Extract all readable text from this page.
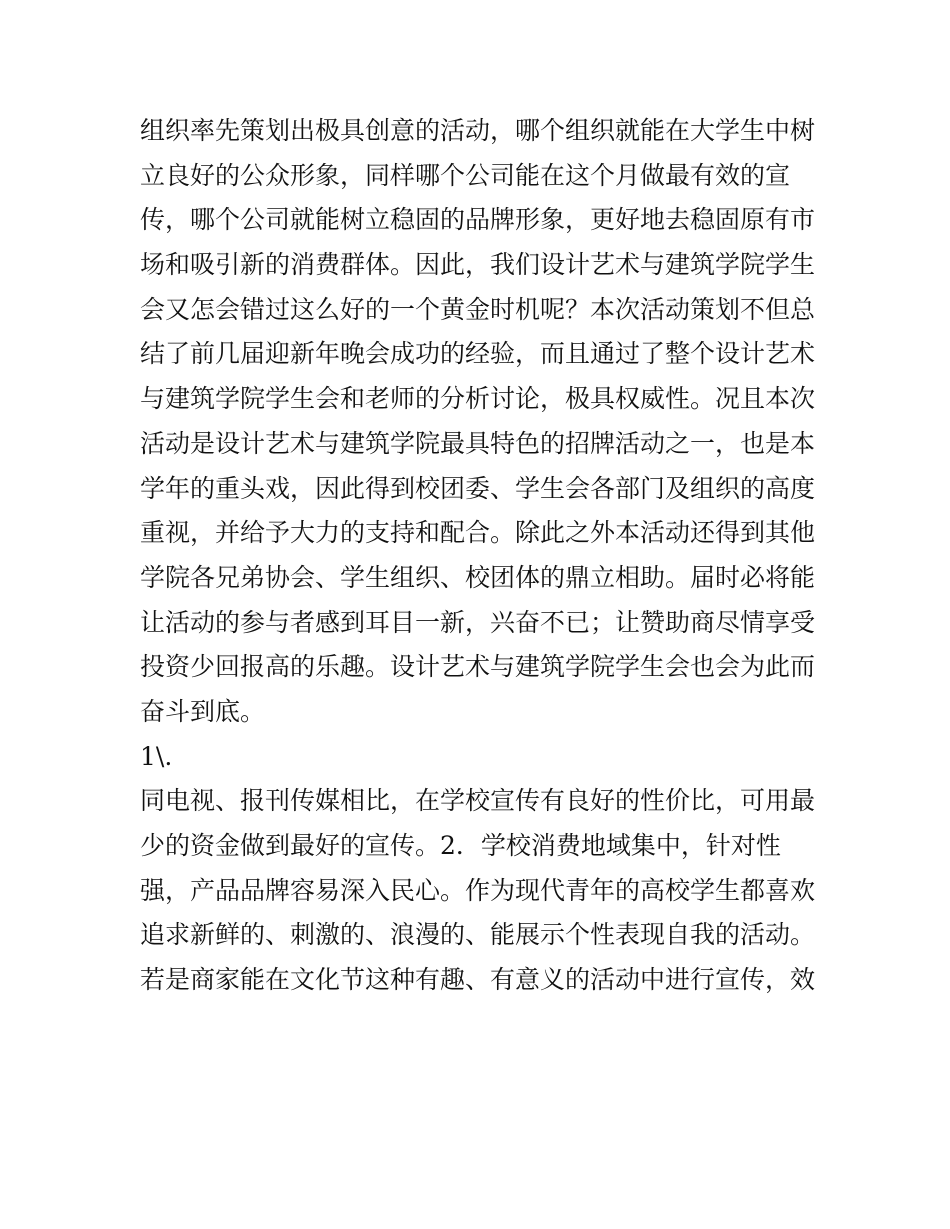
组织率先策划出极具创意的活动，哪个组织就能在大学生中树
立良好的公众形象，同样哪个公司能在这个月做最有效的宣
传，哪个公司就能树立稳固的品牌形象，更好地去稳固原有市
场和吸引新的消费群体。因此，我们设计艺术与建筑学院学生
会又怎会错过这么好的一个黄金时机呢？本次活动策划不但总
结了前几届迎新年晚会成功的经验，而且通过了整个设计艺术
与建筑学院学生会和老师的分析讨论，极具权威性。况且本次
活动是设计艺术与建筑学院最具特色的招牌活动之一，也是本
学年的重头戏，因此得到校团委、学生会各部门及组织的高度
重视，并给予大力的支持和配合。除此之外本活动还得到其他
学院各兄弟协会、学生组织、校团体的鼎立相助。届时必将能
让活动的参与者感到耳目一新，兴奋不已；让赞助商尽情享受
投资少回报高的乐趣。设计艺术与建筑学院学生会也会为此而
奋斗到底。
1\.
同电视、报刊传媒相比，在学校宣传有良好的性价比，可用最
少的资金做到最好的宣传。2．学校消费地域集中，针对性
强，产品品牌容易深入民心。作为现代青年的高校学生都喜欢
追求新鲜的、刺激的、浪漫的、能展示个性表现自我的活动。
若是商家能在文化节这种有趣、有意义的活动中进行宣传，效
